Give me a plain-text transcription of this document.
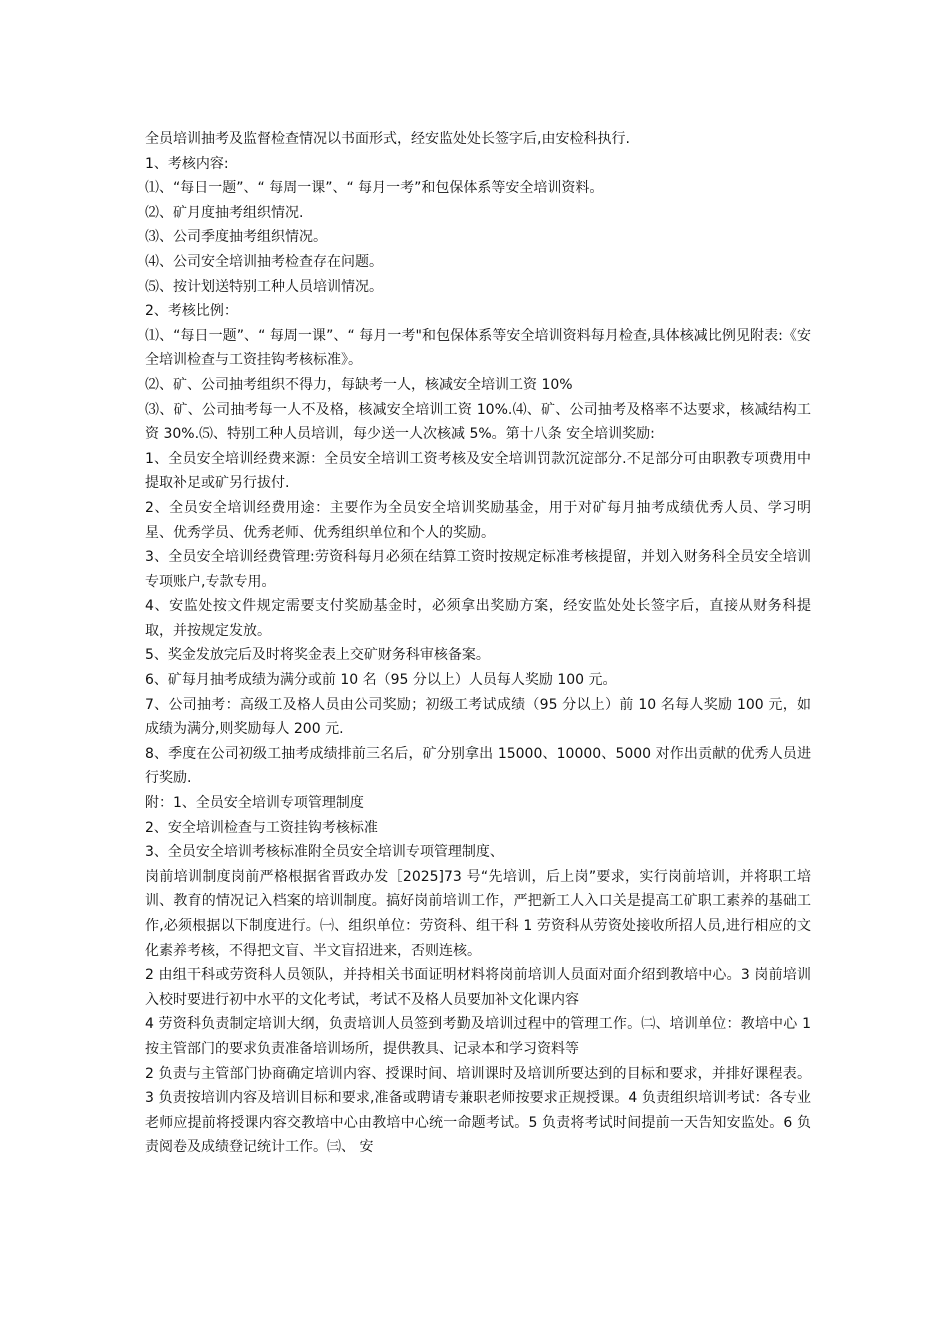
全员培训抽考及监督检查情况以书面形式，经安监处处长签字后,由安检科执行.

1、考核内容:

⑴、“每日一题”、“ 每周一课”、“ 每月一考”和包保体系等安全培训资料。

⑵、矿月度抽考组织情况.

⑶、公司季度抽考组织情况。

⑷、公司安全培训抽考检查存在问题。

⑸、按计划送特别工种人员培训情况。

2、考核比例：

⑴、“每日一题”、“ 每周一课”、“ 每月一考"和包保体系等安全培训资料每月检查,具体核减比例见附表:《安全培训检查与工资挂钩考核标准》。

⑵、矿、公司抽考组织不得力，每缺考一人，核减安全培训工资 10%

⑶、矿、公司抽考每一人不及格，核减安全培训工资 10%.⑷、矿、公司抽考及格率不达要求，核减结构工资 30%.⑸、特别工种人员培训，每少送一人次核减 5%。第十八条 安全培训奖励:

1、全员安全培训经费来源：全员安全培训工资考核及安全培训罚款沉淀部分.不足部分可由职教专项费用中提取补足或矿另行拔付.

2、全员安全培训经费用途：主要作为全员安全培训奖励基金，用于对矿每月抽考成绩优秀人员、学习明星、优秀学员、优秀老师、优秀组织单位和个人的奖励。

3、全员安全培训经费管理:劳资科每月必须在结算工资时按规定标准考核提留，并划入财务科全员安全培训专项账户,专款专用。

4、安监处按文件规定需要支付奖励基金时，必须拿出奖励方案，经安监处处长签字后，直接从财务科提取，并按规定发放。

5、奖金发放完后及时将奖金表上交矿财务科审核备案。

6、矿每月抽考成绩为满分或前 10 名（95 分以上）人员每人奖励 100 元。

7、公司抽考：高级工及格人员由公司奖励；初级工考试成绩（95 分以上）前 10 名每人奖励 100 元，如成绩为满分,则奖励每人 200 元.

8、季度在公司初级工抽考成绩排前三名后，矿分别拿出 15000、10000、5000 对作出贡献的优秀人员进行奖励.

附：1、全员安全培训专项管理制度

2、安全培训检查与工资挂钩考核标准

3、全员安全培训考核标准附全员安全培训专项管理制度、

岗前培训制度岗前严格根据省晋政办发［2025]73 号“先培训，后上岗”要求，实行岗前培训，并将职工培训、教育的情况记入档案的培训制度。搞好岗前培训工作，严把新工人入口关是提高工矿职工素养的基础工作,必须根据以下制度进行。㈠、组织单位：劳资科、组干科 1 劳资科从劳资处接收所招人员,进行相应的文化素养考核，不得把文盲、半文盲招进来，否则连核。

2 由组干科或劳资科人员领队，并持相关书面证明材料将岗前培训人员面对面介绍到教培中心。3 岗前培训入校时要进行初中水平的文化考试，考试不及格人员要加补文化课内容

4 劳资科负责制定培训大纲，负责培训人员签到考勤及培训过程中的管理工作。㈡、培训单位：教培中心 1 按主管部门的要求负责准备培训场所，提供教具、记录本和学习资料等

2 负责与主管部门协商确定培训内容、授课时间、培训课时及培训所要达到的目标和要求，并排好课程表。3 负责按培训内容及培训目标和要求,准备或聘请专兼职老师按要求正规授课。4 负责组织培训考试：各专业老师应提前将授课内容交教培中心由教培中心统一命题考试。5 负责将考试时间提前一天告知安监处。6 负责阅卷及成绩登记统计工作。㈢、 安
